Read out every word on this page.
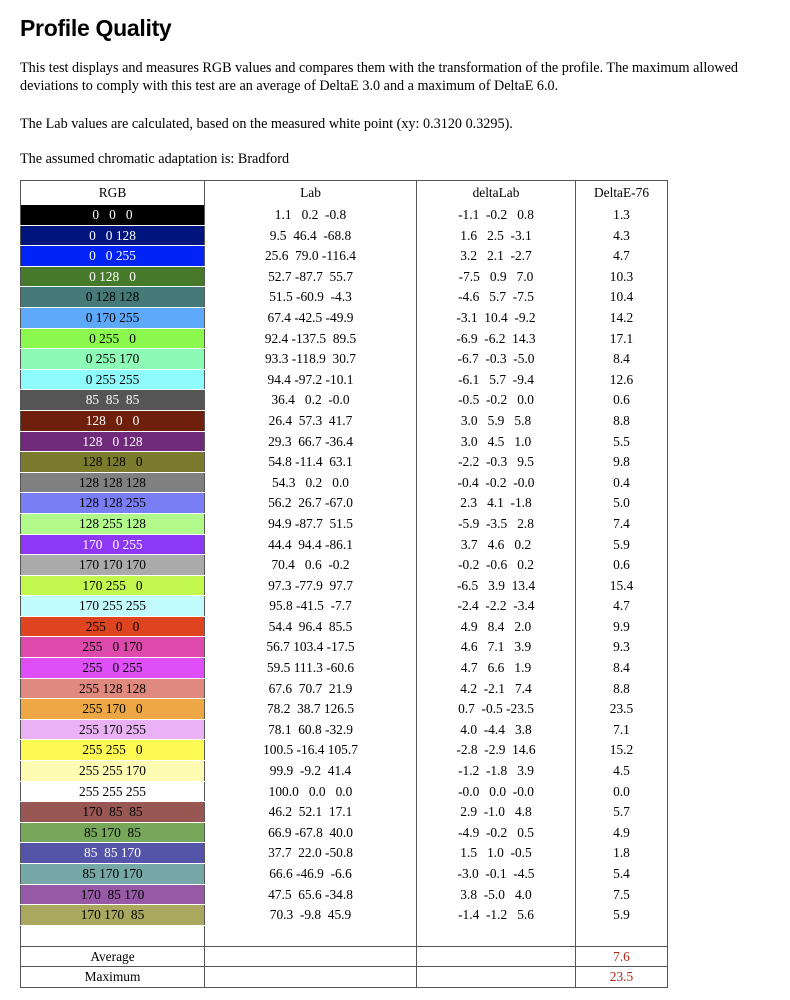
Profile Quality

This test displays and measures RGB values and compares them with the transformation of the profile. The maximum allowed deviations to comply with this test are an average of DeltaE 3.0 and a maximum of DeltaE 6.0.

The Lab values are calculated, based on the measured white point (xy: 0.3120 0.3295).

The assumed chromatic adaptation is: Bradford

RGB	Lab	deltaLab	DeltaE-76
0   0   0	1.1   0.2  -0.8	-1.1  -0.2   0.8	1.3
0   0 128	9.5  46.4  -68.8	1.6   2.5  -3.1	4.3
0   0 255	25.6  79.0 -116.4	3.2   2.1  -2.7	4.7
0 128   0	52.7 -87.7  55.7	-7.5   0.9   7.0	10.3
0 128 128	51.5 -60.9  -4.3	-4.6   5.7  -7.5	10.4
0 170 255	67.4 -42.5 -49.9	-3.1  10.4  -9.2	14.2
0 255   0	92.4 -137.5  89.5	-6.9  -6.2  14.3	17.1
0 255 170	93.3 -118.9  30.7	-6.7  -0.3  -5.0	8.4
0 255 255	94.4 -97.2 -10.1	-6.1   5.7  -9.4	12.6
85  85  85	36.4   0.2  -0.0	-0.5  -0.2   0.0	0.6
128   0   0	26.4  57.3  41.7	3.0   5.9   5.8	8.8
128   0 128	29.3  66.7 -36.4	3.0   4.5   1.0	5.5
128 128   0	54.8 -11.4  63.1	-2.2  -0.3   9.5	9.8
128 128 128	54.3   0.2   0.0	-0.4  -0.2  -0.0	0.4
128 128 255	56.2  26.7 -67.0	2.3   4.1  -1.8	5.0
128 255 128	94.9 -87.7  51.5	-5.9  -3.5   2.8	7.4
170   0 255	44.4  94.4 -86.1	3.7   4.6   0.2	5.9
170 170 170	70.4   0.6  -0.2	-0.2  -0.6   0.2	0.6
170 255   0	97.3 -77.9  97.7	-6.5   3.9  13.4	15.4
170 255 255	95.8 -41.5  -7.7	-2.4  -2.2  -3.4	4.7
255   0   0	54.4  96.4  85.5	4.9   8.4   2.0	9.9
255   0 170	56.7 103.4 -17.5	4.6   7.1   3.9	9.3
255   0 255	59.5 111.3 -60.6	4.7   6.6   1.9	8.4
255 128 128	67.6  70.7  21.9	4.2  -2.1   7.4	8.8
255 170   0	78.2  38.7 126.5	0.7  -0.5 -23.5	23.5
255 170 255	78.1  60.8 -32.9	4.0  -4.4   3.8	7.1
255 255   0	100.5 -16.4 105.7	-2.8  -2.9  14.6	15.2
255 255 170	99.9  -9.2  41.4	-1.2  -1.8   3.9	4.5
255 255 255	100.0   0.0   0.0	-0.0   0.0  -0.0	0.0
170  85  85	46.2  52.1  17.1	2.9  -1.0   4.8	5.7
85 170  85	66.9 -67.8  40.0	-4.9  -0.2   0.5	4.9
85  85 170	37.7  22.0 -50.8	1.5   1.0  -0.5	1.8
85 170 170	66.6 -46.9  -6.6	-3.0  -0.1  -4.5	5.4
170  85 170	47.5  65.6 -34.8	3.8  -5.0   4.0	7.5
170 170  85	70.3  -9.8  45.9	-1.4  -1.2   5.6	5.9

Average			7.6
Maximum			23.5
